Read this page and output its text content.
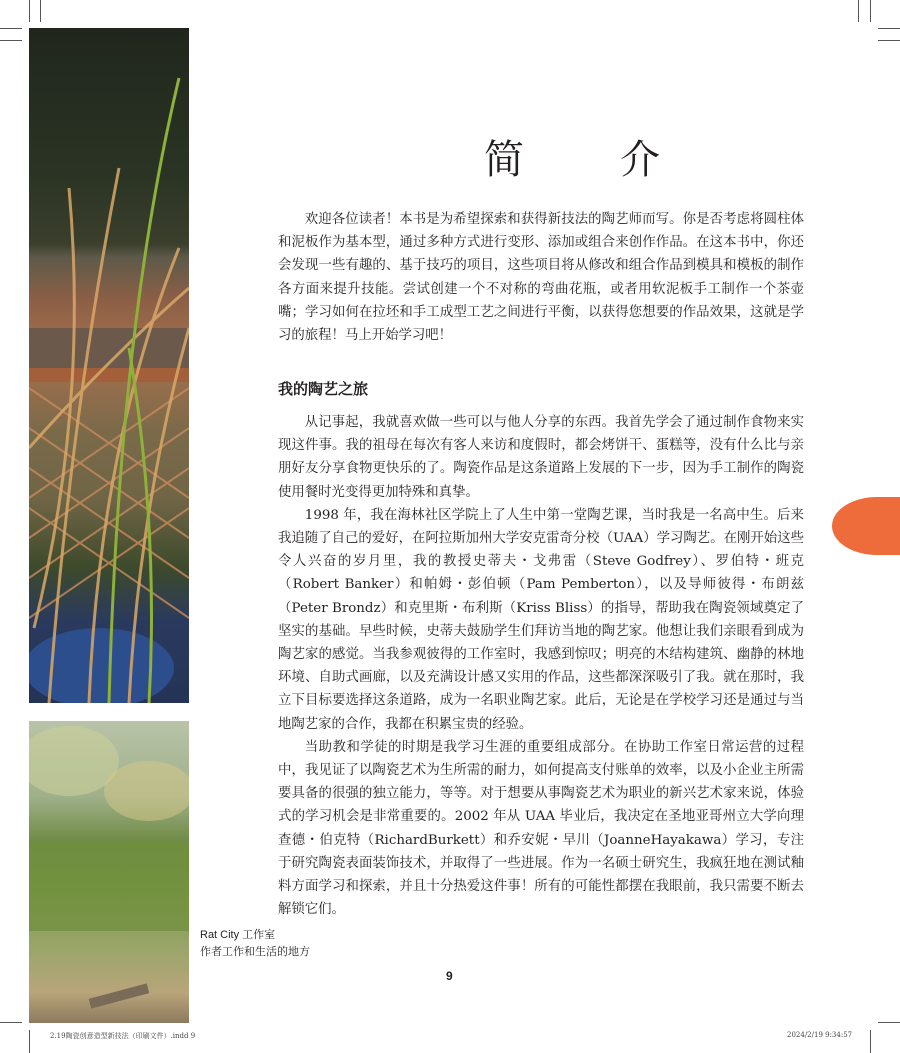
简　介

欢迎各位读者！本书是为希望探索和获得新技法的陶艺师而写。你是否考虑将圆柱体和泥板作为基本型，通过多种方式进行变形、添加或组合来创作作品。在这本书中，你还会发现一些有趣的、基于技巧的项目，这些项目将从修改和组合作品到模具和模板的制作各方面来提升技能。尝试创建一个不对称的弯曲花瓶，或者用软泥板手工制作一个茶壶嘴；学习如何在拉坯和手工成型工艺之间进行平衡，以获得您想要的作品效果，这就是学习的旅程！马上开始学习吧！

我的陶艺之旅

从记事起，我就喜欢做一些可以与他人分享的东西。我首先学会了通过制作食物来实现这件事。我的祖母在每次有客人来访和度假时，都会烤饼干、蛋糕等，没有什么比与亲朋好友分享食物更快乐的了。陶瓷作品是这条道路上发展的下一步，因为手工制作的陶瓷使用餐时光变得更加特殊和真挚。

1998 年，我在海林社区学院上了人生中第一堂陶艺课，当时我是一名高中生。后来我追随了自己的爱好，在阿拉斯加州大学安克雷奇分校（UAA）学习陶艺。在刚开始这些令人兴奋的岁月里，我的教授史蒂夫・戈弗雷（Steve Godfrey）、罗伯特・班克（Robert Banker）和帕姆・彭伯顿（Pam Pemberton），以及导师彼得・布朗兹（Peter Brondz）和克里斯・布利斯（Kriss Bliss）的指导，帮助我在陶瓷领域奠定了坚实的基础。早些时候，史蒂夫鼓励学生们拜访当地的陶艺家。他想让我们亲眼看到成为陶艺家的感觉。当我参观彼得的工作室时，我感到惊叹；明亮的木结构建筑、幽静的林地环境、自助式画廊，以及充满设计感又实用的作品，这些都深深吸引了我。就在那时，我立下目标要选择这条道路，成为一名职业陶艺家。此后，无论是在学校学习还是通过与当地陶艺家的合作，我都在积累宝贵的经验。

当助教和学徒的时期是我学习生涯的重要组成部分。在协助工作室日常运营的过程中，我见证了以陶瓷艺术为生所需的耐力，如何提高支付账单的效率，以及小企业主所需要具备的很强的独立能力，等等。对于想要从事陶瓷艺术为职业的新兴艺术家来说，体验式的学习机会是非常重要的。2002 年从 UAA 毕业后，我决定在圣地亚哥州立大学向理查德・伯克特（RichardBurkett）和乔安妮・早川（JoanneHayakawa）学习，专注于研究陶瓷表面装饰技术，并取得了一些进展。作为一名硕士研究生，我疯狂地在测试釉料方面学习和探索，并且十分热爱这件事！所有的可能性都摆在我眼前，我只需要不断去解锁它们。

Rat City 工作室
作者工作和生活的地方
9
2.19陶瓷创意造型新技法（印刷文件）.indd 9	2024/2/19 9:34:57
